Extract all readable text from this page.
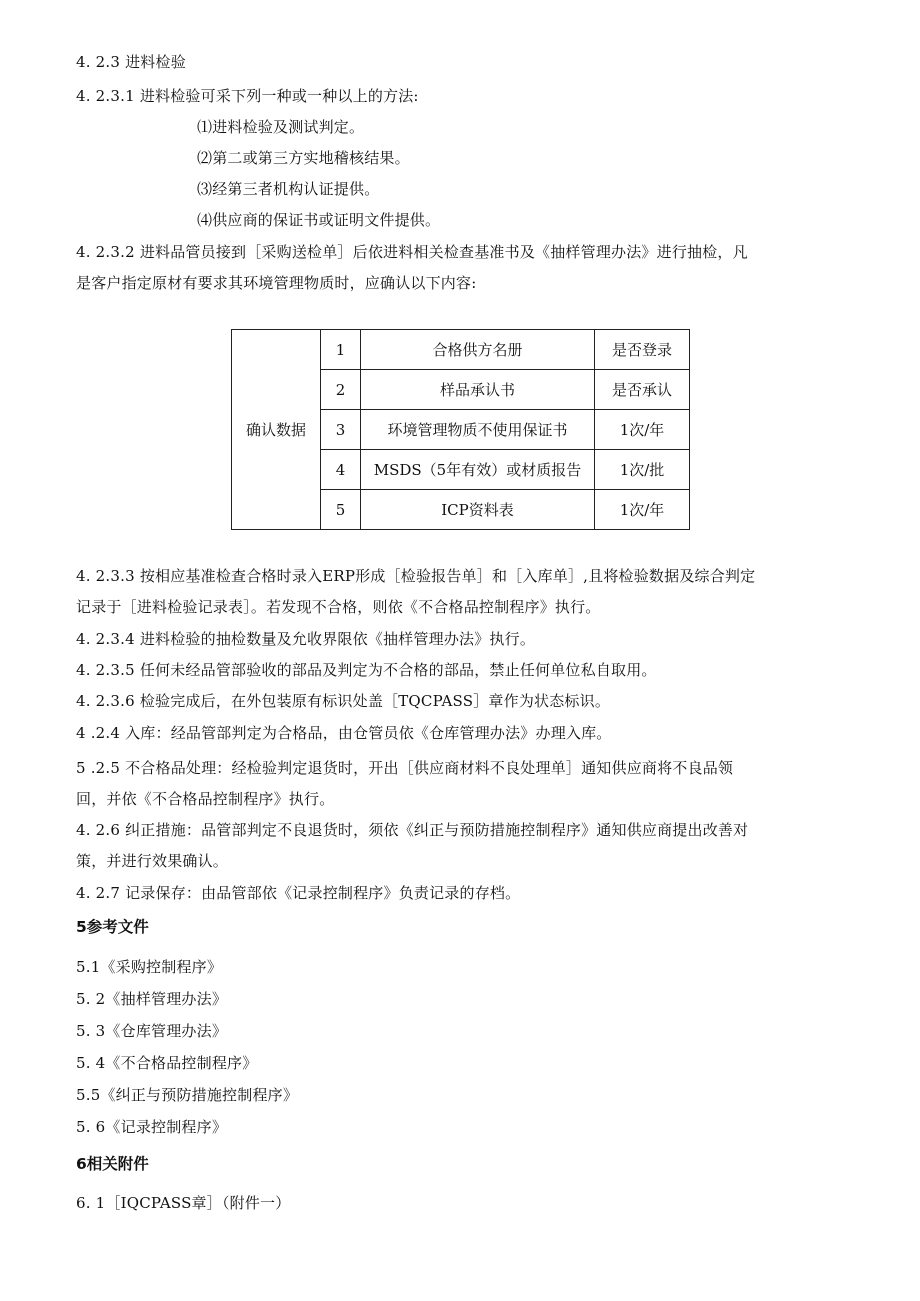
4. 2.3 进料检验
4. 2.3.1 进料检验可采下列一种或一种以上的方法:
⑴进料检验及测试判定。
⑵第二或第三方实地稽核结果。
⑶经第三者机构认证提供。
⑷供应商的保证书或证明文件提供。
4. 2.3.2 进料品管员接到［采购送检单］后依进料相关检查基准书及《抽样管理办法》进行抽检，凡
是客户指定原材有要求其环境管理物质时，应确认以下内容:
确认数据	1	合格供方名册	是否登录
	2	样品承认书	是否承认
	3	环境管理物质不使用保证书	1次/年
	4	MSDS（5年有效）或材质报告	1次/批
	5	ICP资料表	1次/年
4. 2.3.3 按相应基准检查合格时录入ERP形成［检验报告单］和［入库单］,且将检验数据及综合判定
记录于［进料检验记录表］。若发现不合格，则依《不合格品控制程序》执行。
4. 2.3.4 进料检验的抽检数量及允收界限依《抽样管理办法》执行。
4. 2.3.5 任何未经品管部验收的部品及判定为不合格的部品，禁止任何单位私自取用。
4. 2.3.6 检验完成后，在外包装原有标识处盖［TQCPASS］章作为状态标识。
4 .2.4 入库：经品管部判定为合格品，由仓管员依《仓库管理办法》办理入库。
5 .2.5 不合格品处理：经检验判定退货时，开出［供应商材料不良处理单］通知供应商将不良品领
回，并依《不合格品控制程序》执行。
4. 2.6 纠正措施：品管部判定不良退货时，须依《纠正与预防措施控制程序》通知供应商提出改善对
策，并进行效果确认。
4. 2.7 记录保存：由品管部依《记录控制程序》负责记录的存档。
5参考文件
5.1《采购控制程序》
5. 2《抽样管理办法》
5. 3《仓库管理办法》
5. 4《不合格品控制程序》
5.5《纠正与预防措施控制程序》
5. 6《记录控制程序》
6相关附件
6. 1［IQCPASS章］（附件一）
